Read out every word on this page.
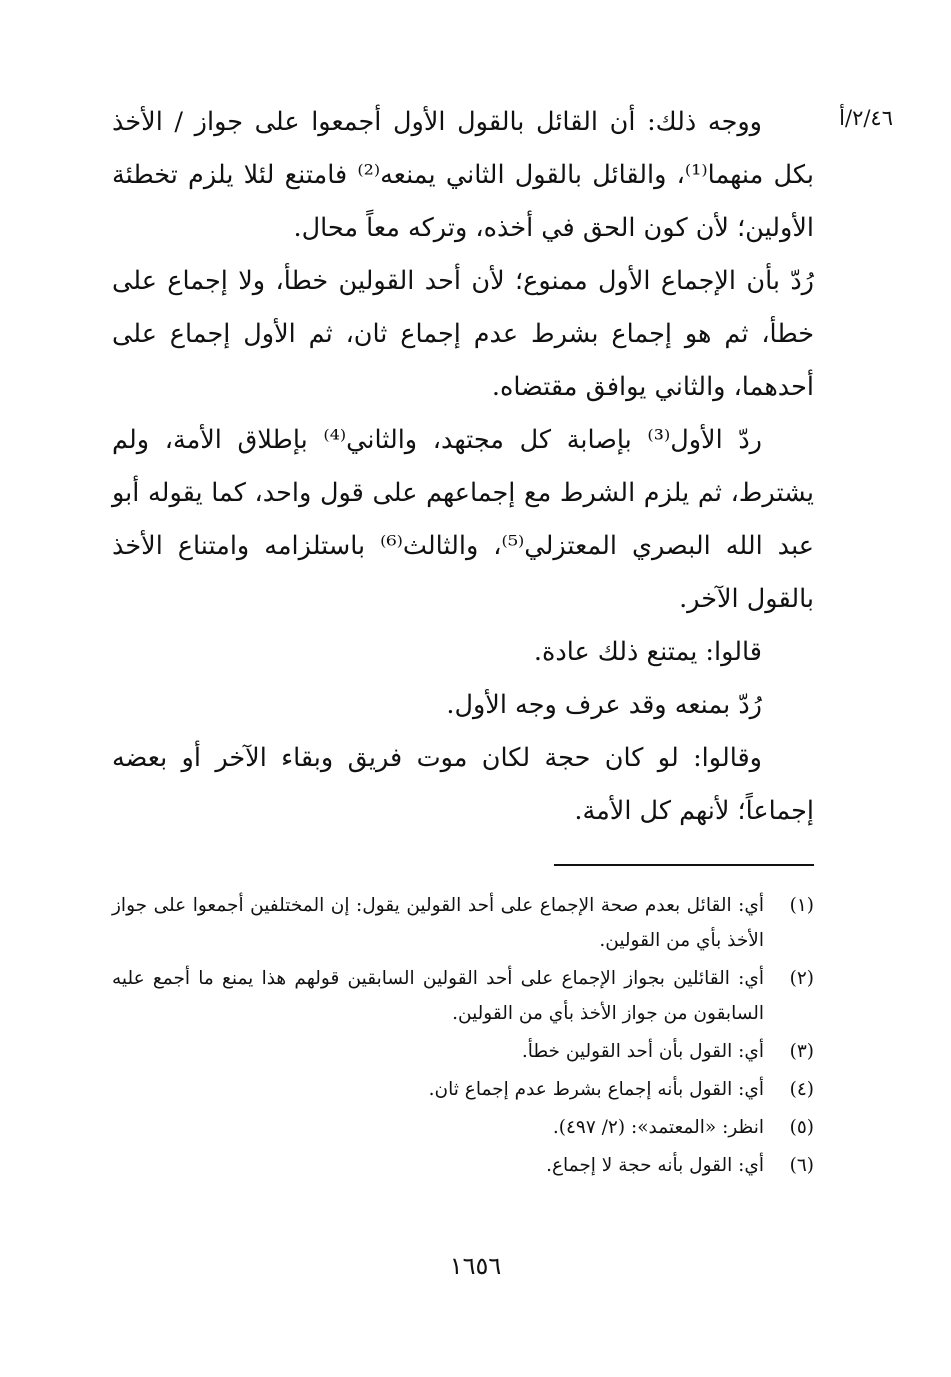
٢/٤٦/أ

ووجه ذلك: أن القائل بالقول الأول أجمعوا على جواز / الأخذ بكل منهما⁽¹⁾، والقائل بالقول الثاني يمنعه⁽²⁾ فامتنع لئلا يلزم تخطئة الأولين؛ لأن كون الحق في أخذه، وتركه معاً محال.

رُدّ بأن الإجماع الأول ممنوع؛ لأن أحد القولين خطأ، ولا إجماع على خطأ، ثم هو إجماع بشرط عدم إجماع ثان، ثم الأول إجماع على أحدهما، والثاني يوافق مقتضاه.

ردّ الأول⁽³⁾ بإصابة كل مجتهد، والثاني⁽⁴⁾ بإطلاق الأمة، ولم يشترط، ثم يلزم الشرط مع إجماعهم على قول واحد، كما يقوله أبو عبد الله البصري المعتزلي⁽⁵⁾، والثالث⁽⁶⁾ باستلزامه وامتناع الأخذ بالقول الآخر.

قالوا: يمتنع ذلك عادة.

رُدّ بمنعه وقد عرف وجه الأول.

وقالوا: لو كان حجة لكان موت فريق وبقاء الآخر أو بعضه إجماعاً؛ لأنهم كل الأمة.

(١)
أي: القائل بعدم صحة الإجماع على أحد القولين يقول: إن المختلفين أجمعوا على جواز الأخذ بأي من القولين.
(٢)
أي: القائلين بجواز الإجماع على أحد القولين السابقين قولهم هذا يمنع ما أجمع عليه السابقون من جواز الأخذ بأي من القولين.
(٣)
أي: القول بأن أحد القولين خطأ.
(٤)
أي: القول بأنه إجماع بشرط عدم إجماع ثان.
(٥)
انظر: «المعتمد»: (٢/ ٤٩٧).
(٦)
أي: القول بأنه حجة لا إجماع.
١٦٥٦
